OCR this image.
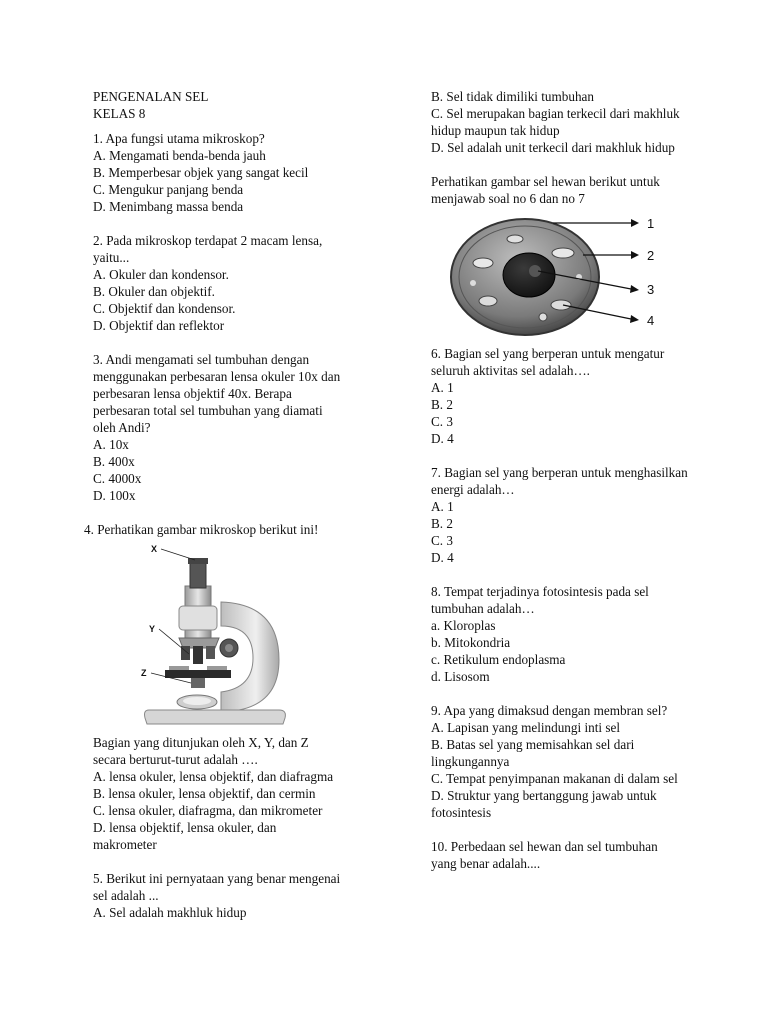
PENGENALAN SEL
KELAS 8
1. Apa fungsi utama mikroskop?
A. Mengamati benda-benda jauh
B. Memperbesar objek yang sangat kecil
C. Mengukur panjang benda
D. Menimbang massa benda
2. Pada mikroskop terdapat 2 macam lensa,
yaitu...
A. Okuler dan kondensor.
B. Okuler dan objektif.
C. Objektif dan kondensor.
D. Objektif dan reflektor
3. Andi mengamati sel tumbuhan dengan
menggunakan perbesaran lensa okuler 10x dan
perbesaran lensa objektif 40x. Berapa
perbesaran total sel tumbuhan yang diamati
oleh Andi?
A. 10x
B. 400x
C. 4000x
D. 100x
4. Perhatikan gambar mikroskop berikut ini!
X
Y
Z
Bagian yang ditunjukan oleh X, Y, dan Z
secara berturut-turut adalah ….
A. lensa okuler, lensa objektif, dan diafragma
B. lensa okuler, lensa objektif, dan cermin
C. lensa okuler, diafragma, dan mikrometer
D. lensa objektif, lensa okuler, dan
makrometer
5. Berikut ini pernyataan yang benar mengenai
sel adalah ...
A. Sel adalah makhluk hidup
B. Sel tidak dimiliki tumbuhan
C. Sel merupakan bagian terkecil dari makhluk
hidup maupun tak hidup
D. Sel adalah unit terkecil dari makhluk hidup
Perhatikan gambar sel hewan berikut untuk
menjawab soal no 6 dan no 7
1
2
3
4
6. Bagian sel yang berperan untuk mengatur
seluruh aktivitas sel adalah….
A. 1
B. 2
C. 3
D. 4
7. Bagian sel yang berperan untuk menghasilkan
energi adalah…
A. 1
B. 2
C. 3
D. 4
8. Tempat terjadinya fotosintesis pada sel
tumbuhan adalah…
a. Kloroplas
b. Mitokondria
c. Retikulum endoplasma
d. Lisosom
9. Apa yang dimaksud dengan membran sel?
A. Lapisan yang melindungi inti sel
B. Batas sel yang memisahkan sel dari
lingkungannya
C. Tempat penyimpanan makanan di dalam sel
D. Struktur yang bertanggung jawab untuk
fotosintesis
10. Perbedaan sel hewan dan sel tumbuhan
yang benar adalah....
